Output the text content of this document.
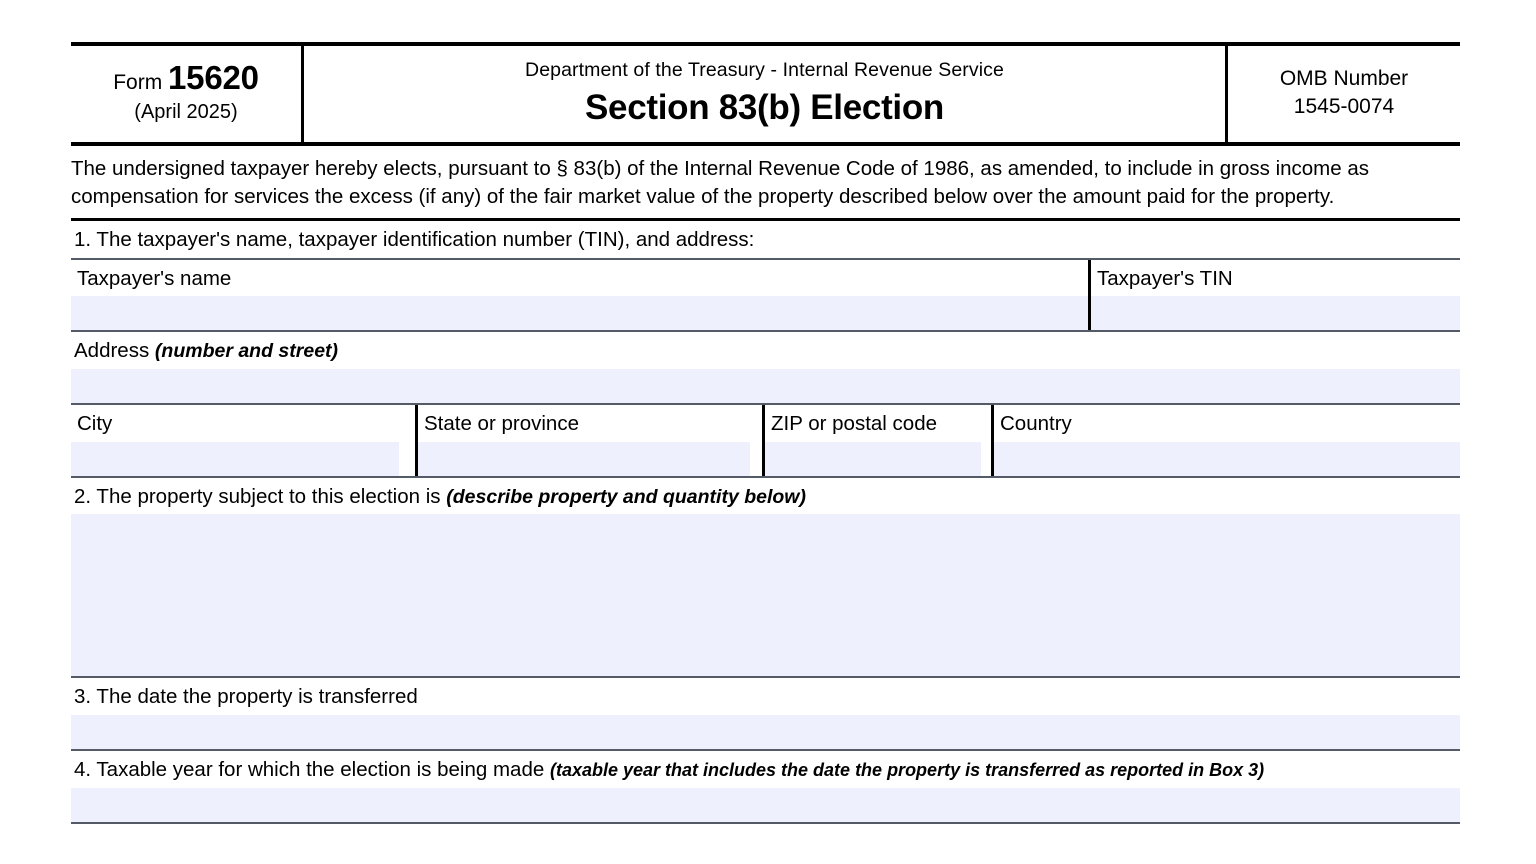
Form 15620
(April 2025)
Department of the Treasury - Internal Revenue Service
Section 83(b) Election
OMB Number
1545-0074
The undersigned taxpayer hereby elects, pursuant to § 83(b) of the Internal Revenue Code of 1986, as amended, to include in gross income as compensation for services the excess (if any) of the fair market value of the property described below over the amount paid for the property.
1. The taxpayer's name, taxpayer identification number (TIN), and address:
Taxpayer's name	Taxpayer's TIN
Address (number and street)
City	State or province	ZIP or postal code	Country
2. The property subject to this election is (describe property and quantity below)
3. The date the property is transferred
4. Taxable year for which the election is being made (taxable year that includes the date the property is transferred as reported in Box 3)
